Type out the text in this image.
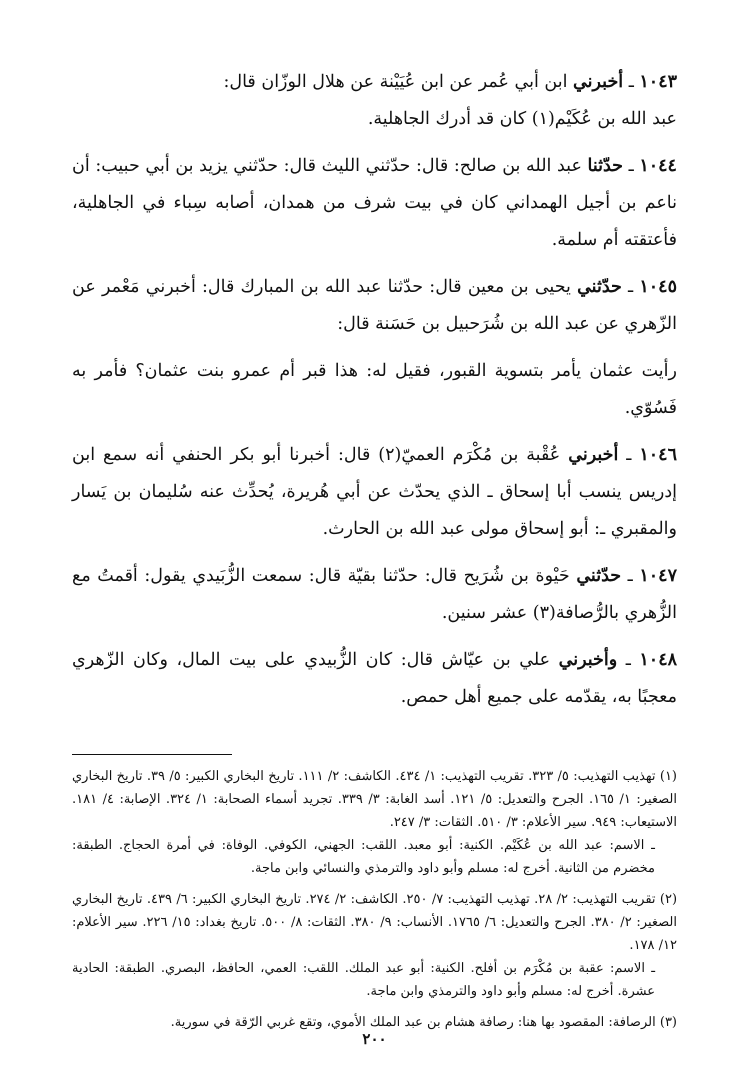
١٠٤٣ ـ أخبرني ابن أبي عُمر عن ابن عُيَيْنة عن هلال الوزّان قال:

عبد الله بن عُكَيْم(١) كان قد أدرك الجاهلية.

١٠٤٤ ـ حدّثنا عبد الله بن صالح: قال: حدّثني الليث قال: حدّثني يزيد بن أبي حبيب: أن ناعم بن أجيل الهمداني كان في بيت شرف من همدان، أصابه سِباء في الجاهلية، فأعتقته أم سلمة.

١٠٤٥ ـ حدّثني يحيى بن معين قال: حدّثنا عبد الله بن المبارك قال: أخبرني مَعْمر عن الزّهري عن عبد الله بن شُرَحبيل بن حَسَنة قال:

رأيت عثمان يأمر بتسوية القبور، فقيل له: هذا قبر أم عمرو بنت عثمان؟ فأمر به فَسُوّي.

١٠٤٦ ـ أخبرني عُقْبة بن مُكْرَم العميّ(٢) قال: أخبرنا أبو بكر الحنفي أنه سمع ابن إدريس ينسب أبا إسحاق ـ الذي يحدّث عن أبي هُريرة، يُحدِّث عنه سُليمان بن يَسار والمقبري ـ: أبو إسحاق مولى عبد الله بن الحارث.

١٠٤٧ ـ حدّثني حَيْوة بن شُرَيح قال: حدّثنا بقيّة قال: سمعت الزُّبَيدي يقول: أقمتُ مع الزُّهري بالرُّصافة(٣) عشر سنين.

١٠٤٨ ـ وأخبرني علي بن عيّاش قال: كان الزُّبيدي على بيت المال، وكان الزّهري معجبًا به، يقدّمه على جميع أهل حمص.

(١) تهذيب التهذيب: ٥/ ٣٢٣. تقريب التهذيب: ١/ ٤٣٤. الكاشف: ٢/ ١١١. تاريخ البخاري الكبير: ٥/ ٣٩. تاريخ البخاري الصغير: ١/ ١٦٥. الجرح والتعديل: ٥/ ١٢١. أسد الغابة: ٣/ ٣٣٩. تجريد أسماء الصحابة: ١/ ٣٢٤. الإصابة: ٤/ ١٨١. الاستيعاب: ٩٤٩. سير الأعلام: ٣/ ٥١٠. الثقات: ٣/ ٢٤٧.

ـ الاسم: عبد الله بن عُكَيْم. الكنية: أبو معبد. اللقب: الجهني، الكوفي. الوفاة: في أمرة الحجاج. الطبقة: مخضرم من الثانية. أخرج له: مسلم وأبو داود والترمذي والنسائي وابن ماجة.

(٢) تقريب التهذيب: ٢/ ٢٨. تهذيب التهذيب: ٧/ ٢٥٠. الكاشف: ٢/ ٢٧٤. تاريخ البخاري الكبير: ٦/ ٤٣٩. تاريخ البخاري الصغير: ٢/ ٣٨٠. الجرح والتعديل: ٦/ ١٧٦٥. الأنساب: ٩/ ٣٨٠. الثقات: ٨/ ٥٠٠. تاريخ بغداد: ١٥/ ٢٢٦. سير الأعلام: ١٢/ ١٧٨.

ـ الاسم: عقبة بن مُكْرَم بن أفلح. الكنية: أبو عبد الملك. اللقب: العمي، الحافظ، البصري. الطبقة: الحادية عشرة. أخرج له: مسلم وأبو داود والترمذي وابن ماجة.

(٣) الرصافة: المقصود بها هنا: رصافة هشام بن عبد الملك الأموي، وتقع غربي الرّقة في سورية.

٢٠٠
